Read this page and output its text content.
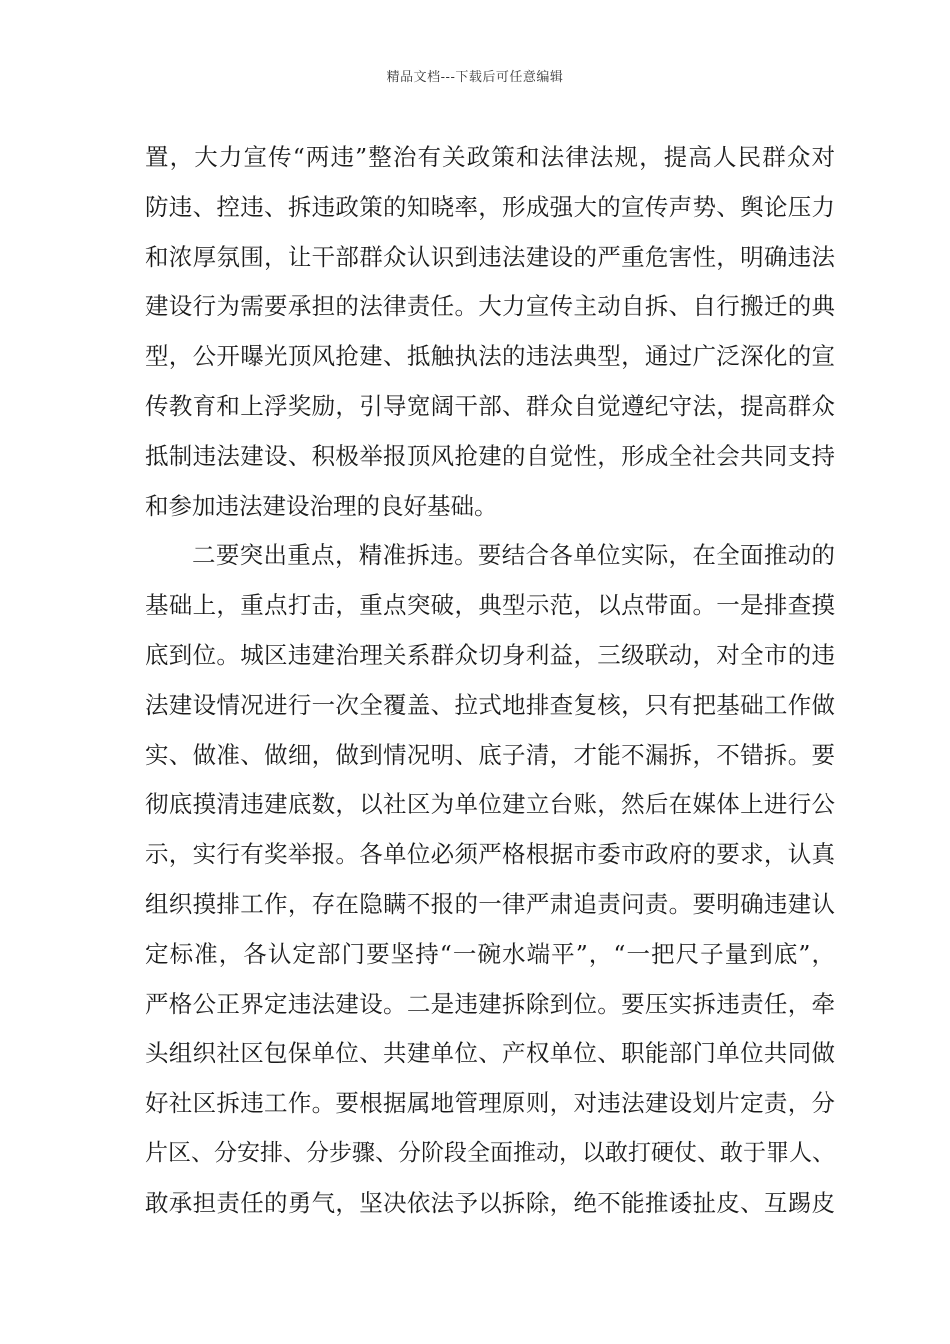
精品文档---下载后可任意编辑
置，大力宣传“两违”整治有关政策和法律法规，提高人民群众对
防违、控违、拆违政策的知晓率，形成强大的宣传声势、舆论压力
和浓厚氛围，让干部群众认识到违法建设的严重危害性，明确违法
建设行为需要承担的法律责任。大力宣传主动自拆、自行搬迁的典
型，公开曝光顶风抢建、抵触执法的违法典型，通过广泛深化的宣
传教育和上浮奖励，引导宽阔干部、群众自觉遵纪守法，提高群众
抵制违法建设、积极举报顶风抢建的自觉性，形成全社会共同支持
和参加违法建设治理的良好基础。
二要突出重点，精准拆违。要结合各单位实际，在全面推动的
基础上，重点打击，重点突破，典型示范，以点带面。一是排查摸
底到位。城区违建治理关系群众切身利益，三级联动，对全市的违
法建设情况进行一次全覆盖、拉式地排查复核，只有把基础工作做
实、做准、做细，做到情况明、底子清，才能不漏拆，不错拆。要
彻底摸清违建底数，以社区为单位建立台账，然后在媒体上进行公
示，实行有奖举报。各单位必须严格根据市委市政府的要求，认真
组织摸排工作，存在隐瞒不报的一律严肃追责问责。要明确违建认
定标准，各认定部门要坚持“一碗水端平”，“一把尺子量到底”，
严格公正界定违法建设。二是违建拆除到位。要压实拆违责任，牵
头组织社区包保单位、共建单位、产权单位、职能部门单位共同做
好社区拆违工作。要根据属地管理原则，对违法建设划片定责，分
片区、分安排、分步骤、分阶段全面推动，以敢打硬仗、敢于罪人、
敢承担责任的勇气，坚决依法予以拆除，绝不能推诿扯皮、互踢皮
